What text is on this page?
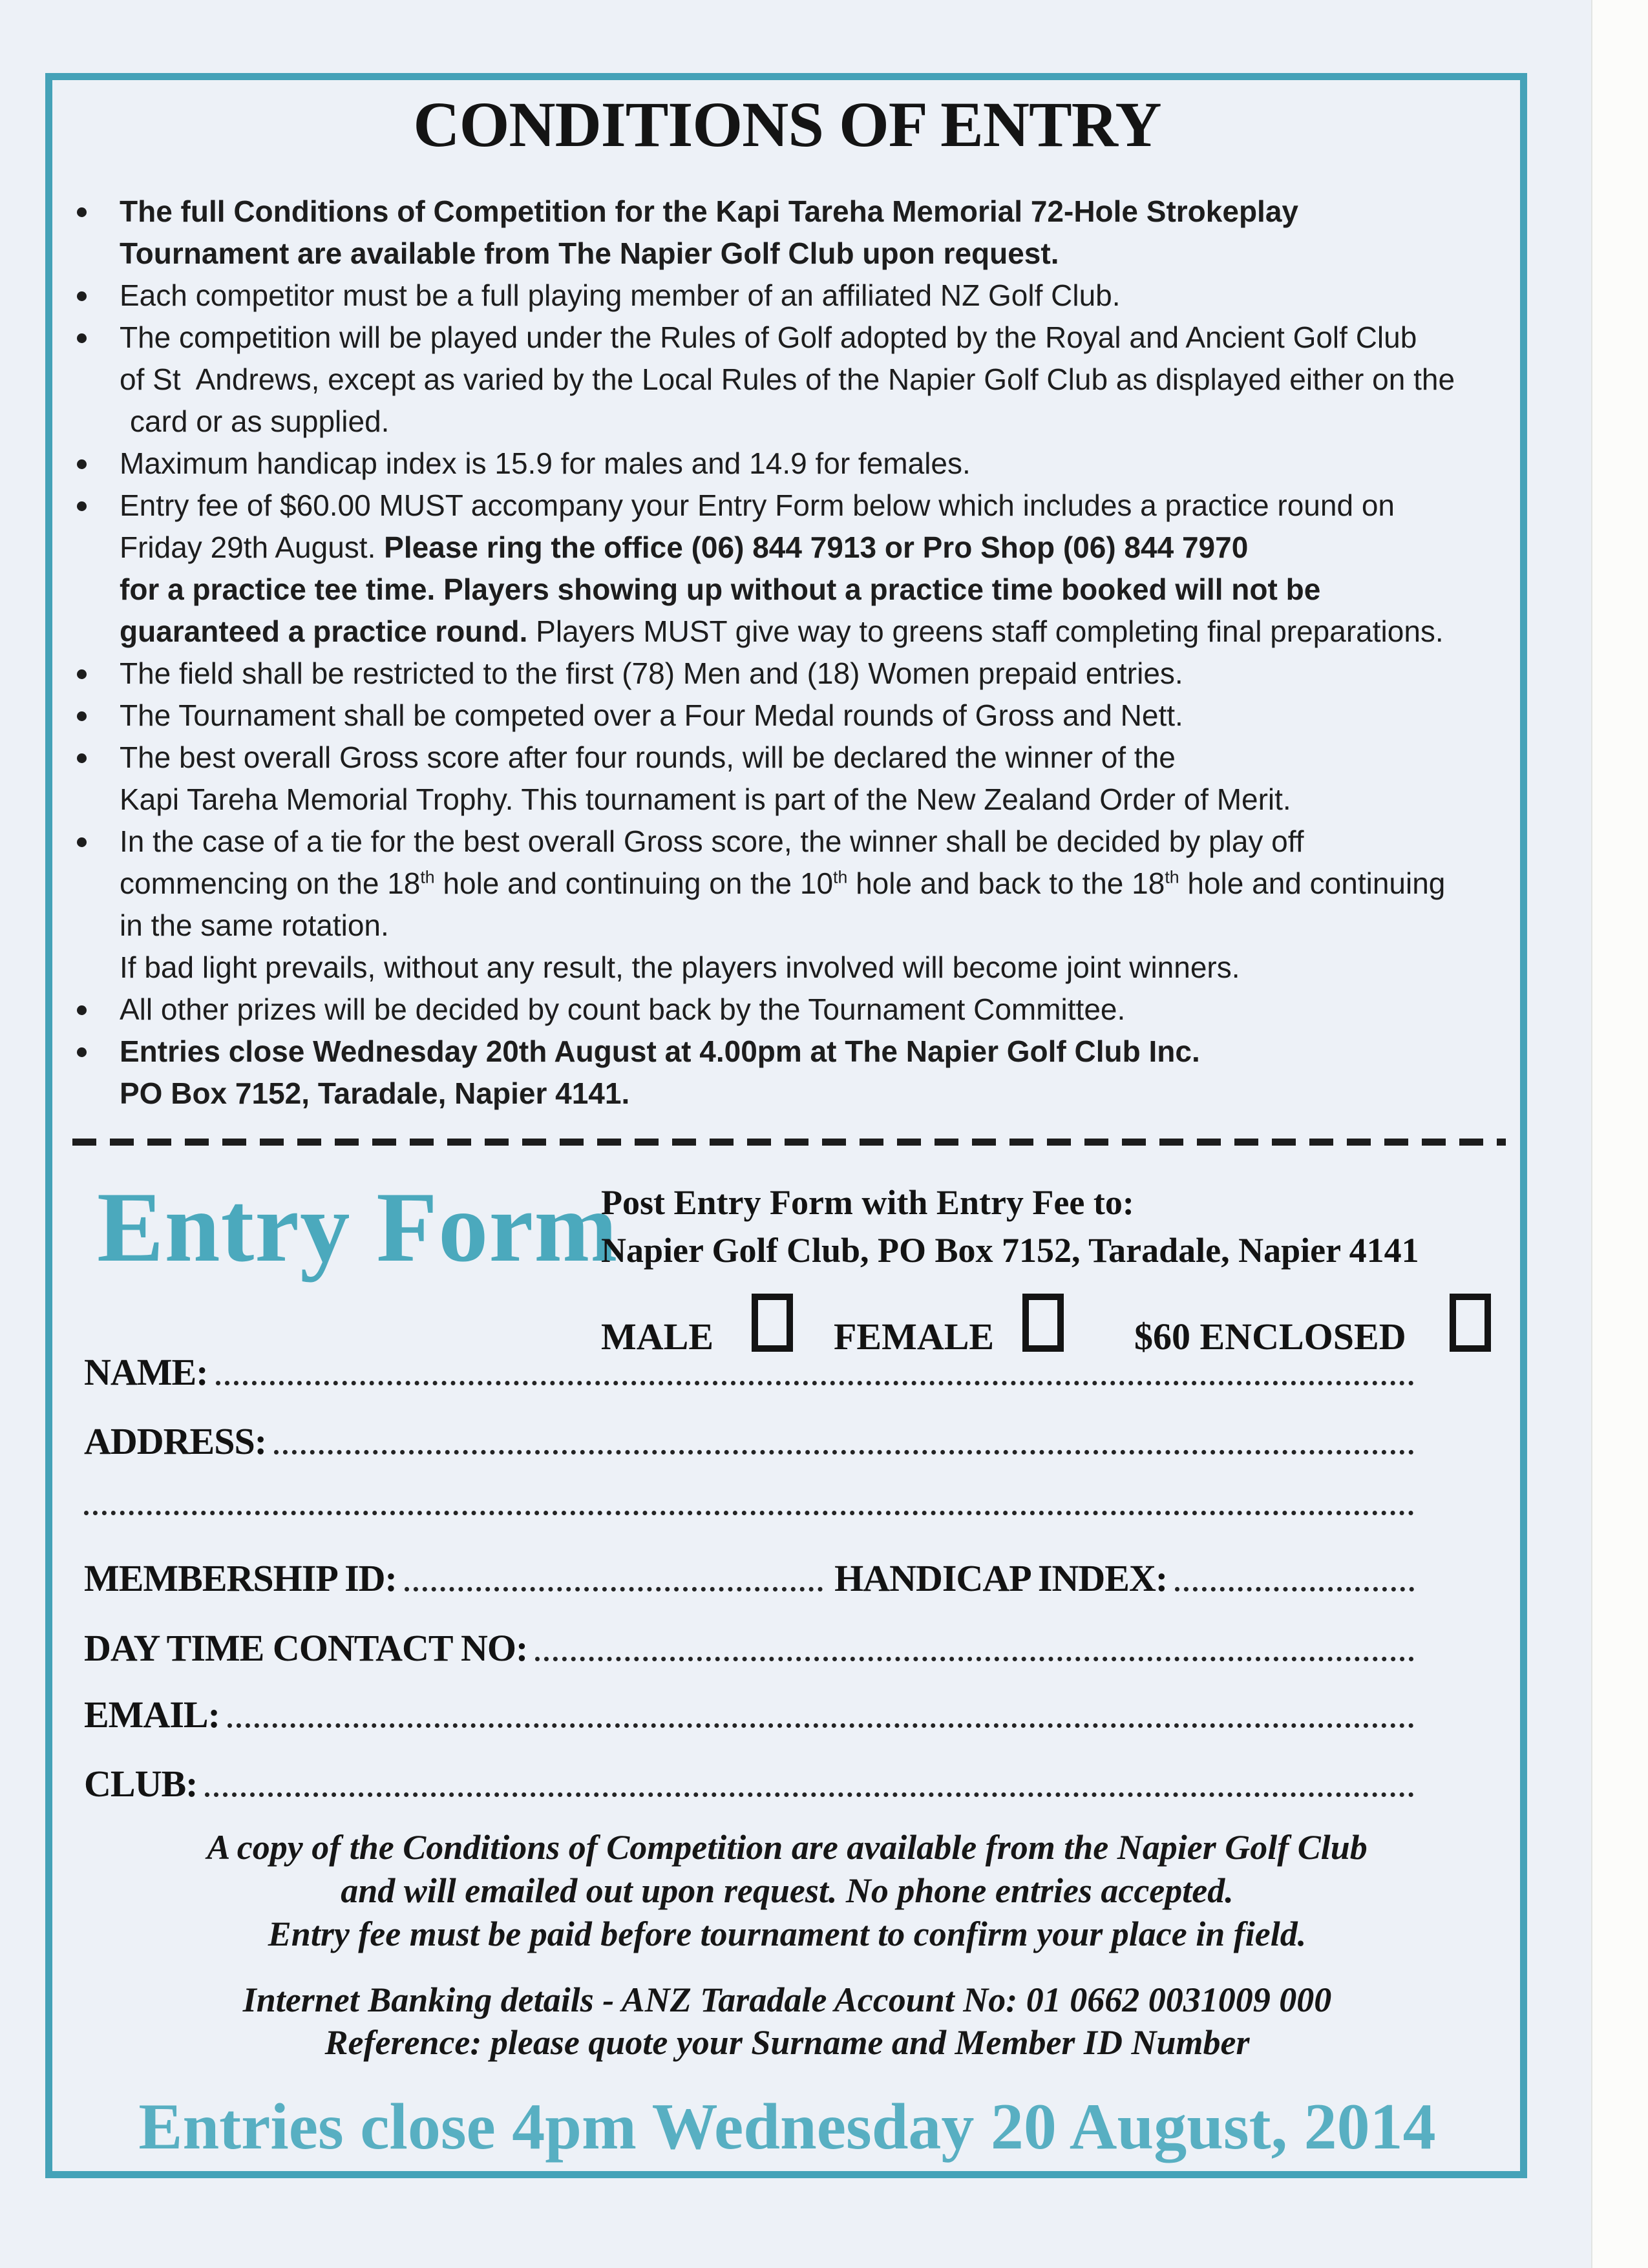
CONDITIONS OF ENTRY
The full Conditions of Competition for the Kapi Tareha Memorial 72-Hole Strokeplay
Tournament are available from The Napier Golf Club upon request.
Each competitor must be a full playing member of an affiliated NZ Golf Club.
The competition will be played under the Rules of Golf adopted by the Royal and Ancient Golf Club
of St  Andrews, except as varied by the Local Rules of the Napier Golf Club as displayed either on the
card or as supplied.
Maximum handicap index is 15.9 for males and 14.9 for females.
Entry fee of $60.00 MUST accompany your Entry Form below which includes a practice round on
Friday 29th August. Please ring the office (06) 844 7913 or Pro Shop (06) 844 7970
for a practice tee time. Players showing up without a practice time booked will not be
guaranteed a practice round. Players MUST give way to greens staff completing final preparations.
The field shall be restricted to the first (78) Men and (18) Women prepaid entries.
The Tournament shall be competed over a Four Medal rounds of Gross and Nett.
The best overall Gross score after four rounds, will be declared the winner of the
Kapi Tareha Memorial Trophy. This tournament is part of the New Zealand Order of Merit.
In the case of a tie for the best overall Gross score, the winner shall be decided by play off
commencing on the 18th hole and continuing on the 10th hole and back to the 18th hole and continuing
in the same rotation.
If bad light prevails, without any result, the players involved will become joint winners.
All other prizes will be decided by count back by the Tournament Committee.
Entries close Wednesday 20th August at 4.00pm at The Napier Golf Club Inc.
PO Box 7152, Taradale, Napier 4141.
Entry Form
Post Entry Form with Entry Fee to:
Napier Golf Club, PO Box 7152, Taradale, Napier 4141
MALE	FEMALE	$60 ENCLOSED
NAME:
ADDRESS:
MEMBERSHIP ID:	HANDICAP INDEX:
DAY TIME CONTACT NO:
EMAIL:
CLUB:
A copy of the Conditions of Competition are available from the Napier Golf Club
and will emailed out upon request. No phone entries accepted.
Entry fee must be paid before tournament to confirm your place in field.
Internet Banking details - ANZ Taradale Account No: 01 0662 0031009 000
Reference: please quote your Surname and Member ID Number
Entries close 4pm Wednesday 20 August, 2014
